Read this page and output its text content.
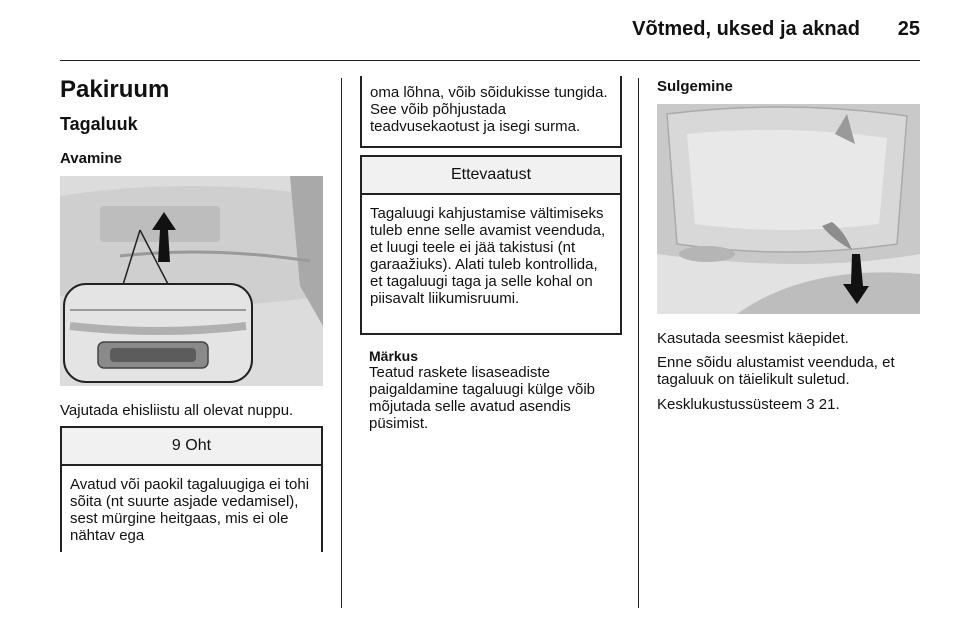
Võtmed, uksed ja aknad	25
Pakiruum
Tagaluuk
Avamine
Vajutada ehisliistu all olevat nuppu.
9 Oht
Avatud või paokil tagaluugiga ei tohi sõita (nt suurte asjade vedamisel), sest mürgine heitgaas, mis ei ole nähtav ega
oma lõhna, võib sõidukisse tungida. See võib põhjustada teadvusekaotust ja isegi surma.
Ettevaatust
Tagaluugi kahjustamise vältimiseks tuleb enne selle avamist veenduda, et luugi teele ei jää takistusi (nt garaažiuks). Alati tuleb kontrollida, et tagaluugi taga ja selle kohal on piisavalt liikumisruumi.
Märkus
Teatud raskete lisaseadiste paigaldamine tagaluugi külge võib mõjutada selle avatud asendis püsimist.
Sulgemine
Kasutada seesmist käepidet.
Enne sõidu alustamist veenduda, et tagaluuk on täielikult suletud.
Kesklukustussüsteem 3 21.
